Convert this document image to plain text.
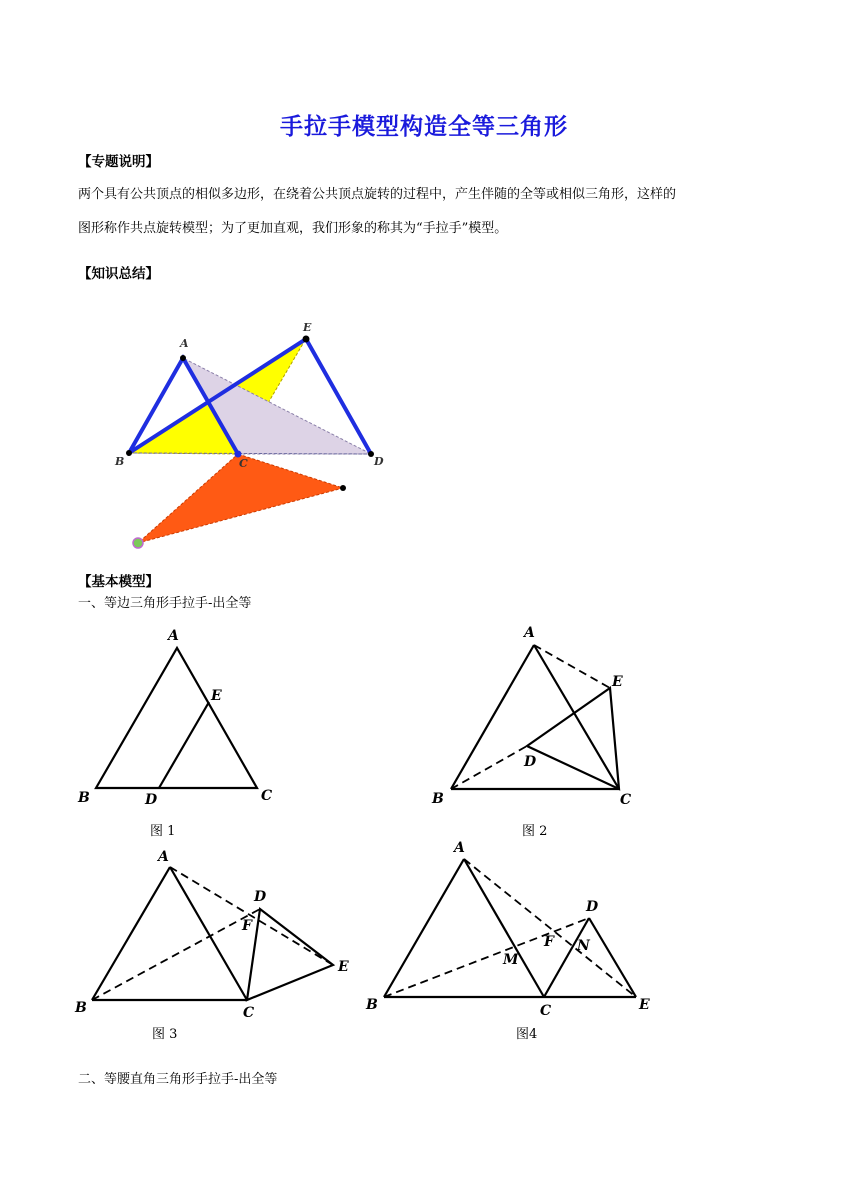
手拉手模型构造全等三角形
【专题说明】
两个具有公共顶点的相似多边形，在绕着公共顶点旋转的过程中，产生伴随的全等或相似三角形，这样的
图形称作共点旋转模型；为了更加直观，我们形象的称其为“手拉手”模型。
【知识总结】
A
E
B	C	D
【基本模型】
一、等边三角形手拉手-出全等
A
E
B	D	C
图 1
A
E
D
B	C
图 2
A
D
F
E
B	C
图 3
A
D
F N
M
B	C	E
图4
二、等腰直角三角形手拉手-出全等
